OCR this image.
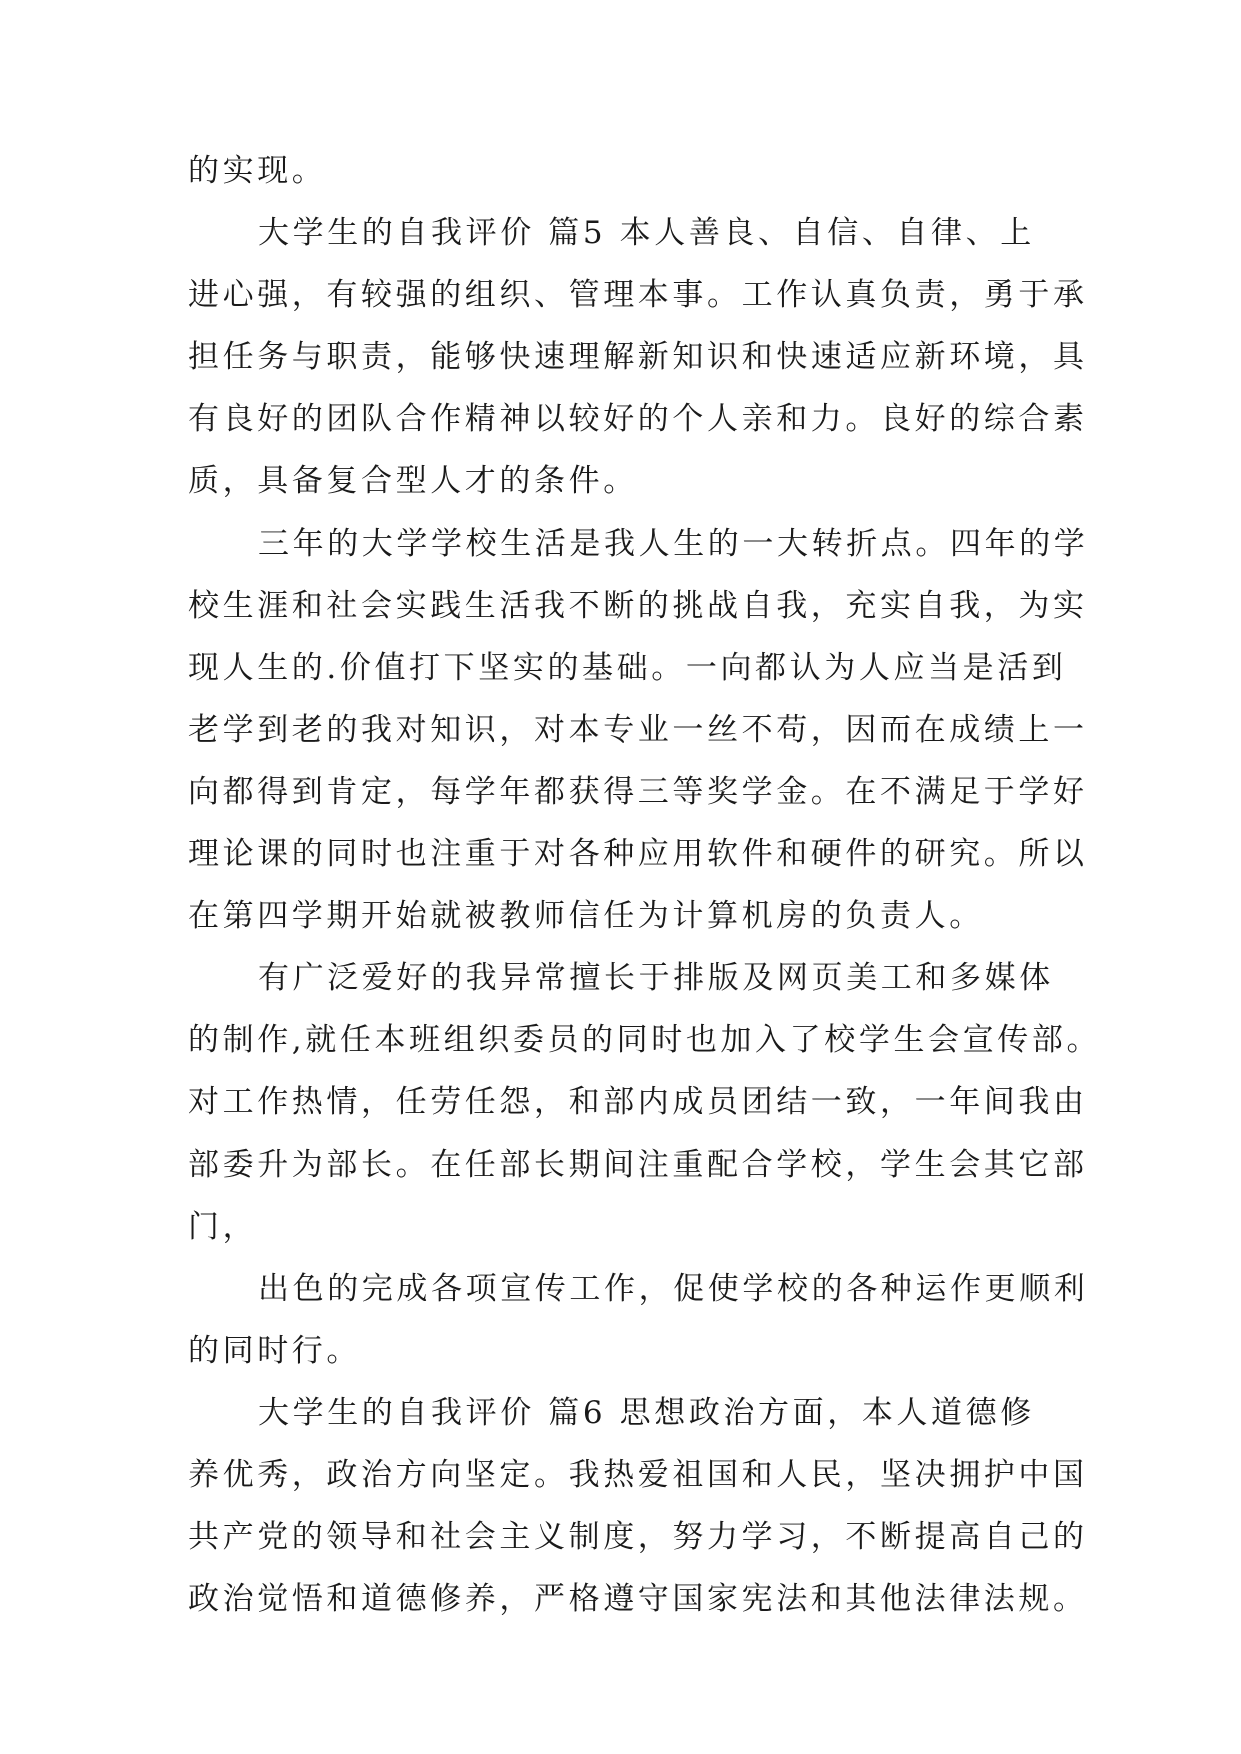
的实现。
大学生的自我评价 篇5 本人善良、自信、自律、上
进心强，有较强的组织、管理本事。工作认真负责，勇于承
担任务与职责，能够快速理解新知识和快速适应新环境，具
有良好的团队合作精神以较好的个人亲和力。良好的综合素
质，具备复合型人才的条件。
三年的大学学校生活是我人生的一大转折点。四年的学
校生涯和社会实践生活我不断的挑战自我，充实自我，为实
现人生的.价值打下坚实的基础。一向都认为人应当是活到
老学到老的我对知识，对本专业一丝不苟，因而在成绩上一
向都得到肯定，每学年都获得三等奖学金。在不满足于学好
理论课的同时也注重于对各种应用软件和硬件的研究。所以
在第四学期开始就被教师信任为计算机房的负责人。
有广泛爱好的我异常擅长于排版及网页美工和多媒体
的制作,就任本班组织委员的同时也加入了校学生会宣传部。
对工作热情，任劳任怨，和部内成员团结一致，一年间我由
部委升为部长。在任部长期间注重配合学校，学生会其它部
门，
出色的完成各项宣传工作，促使学校的各种运作更顺利
的同时行。
大学生的自我评价 篇6 思想政治方面，本人道德修
养优秀，政治方向坚定。我热爱祖国和人民，坚决拥护中国
共产党的领导和社会主义制度，努力学习，不断提高自己的
政治觉悟和道德修养，严格遵守国家宪法和其他法律法规。
